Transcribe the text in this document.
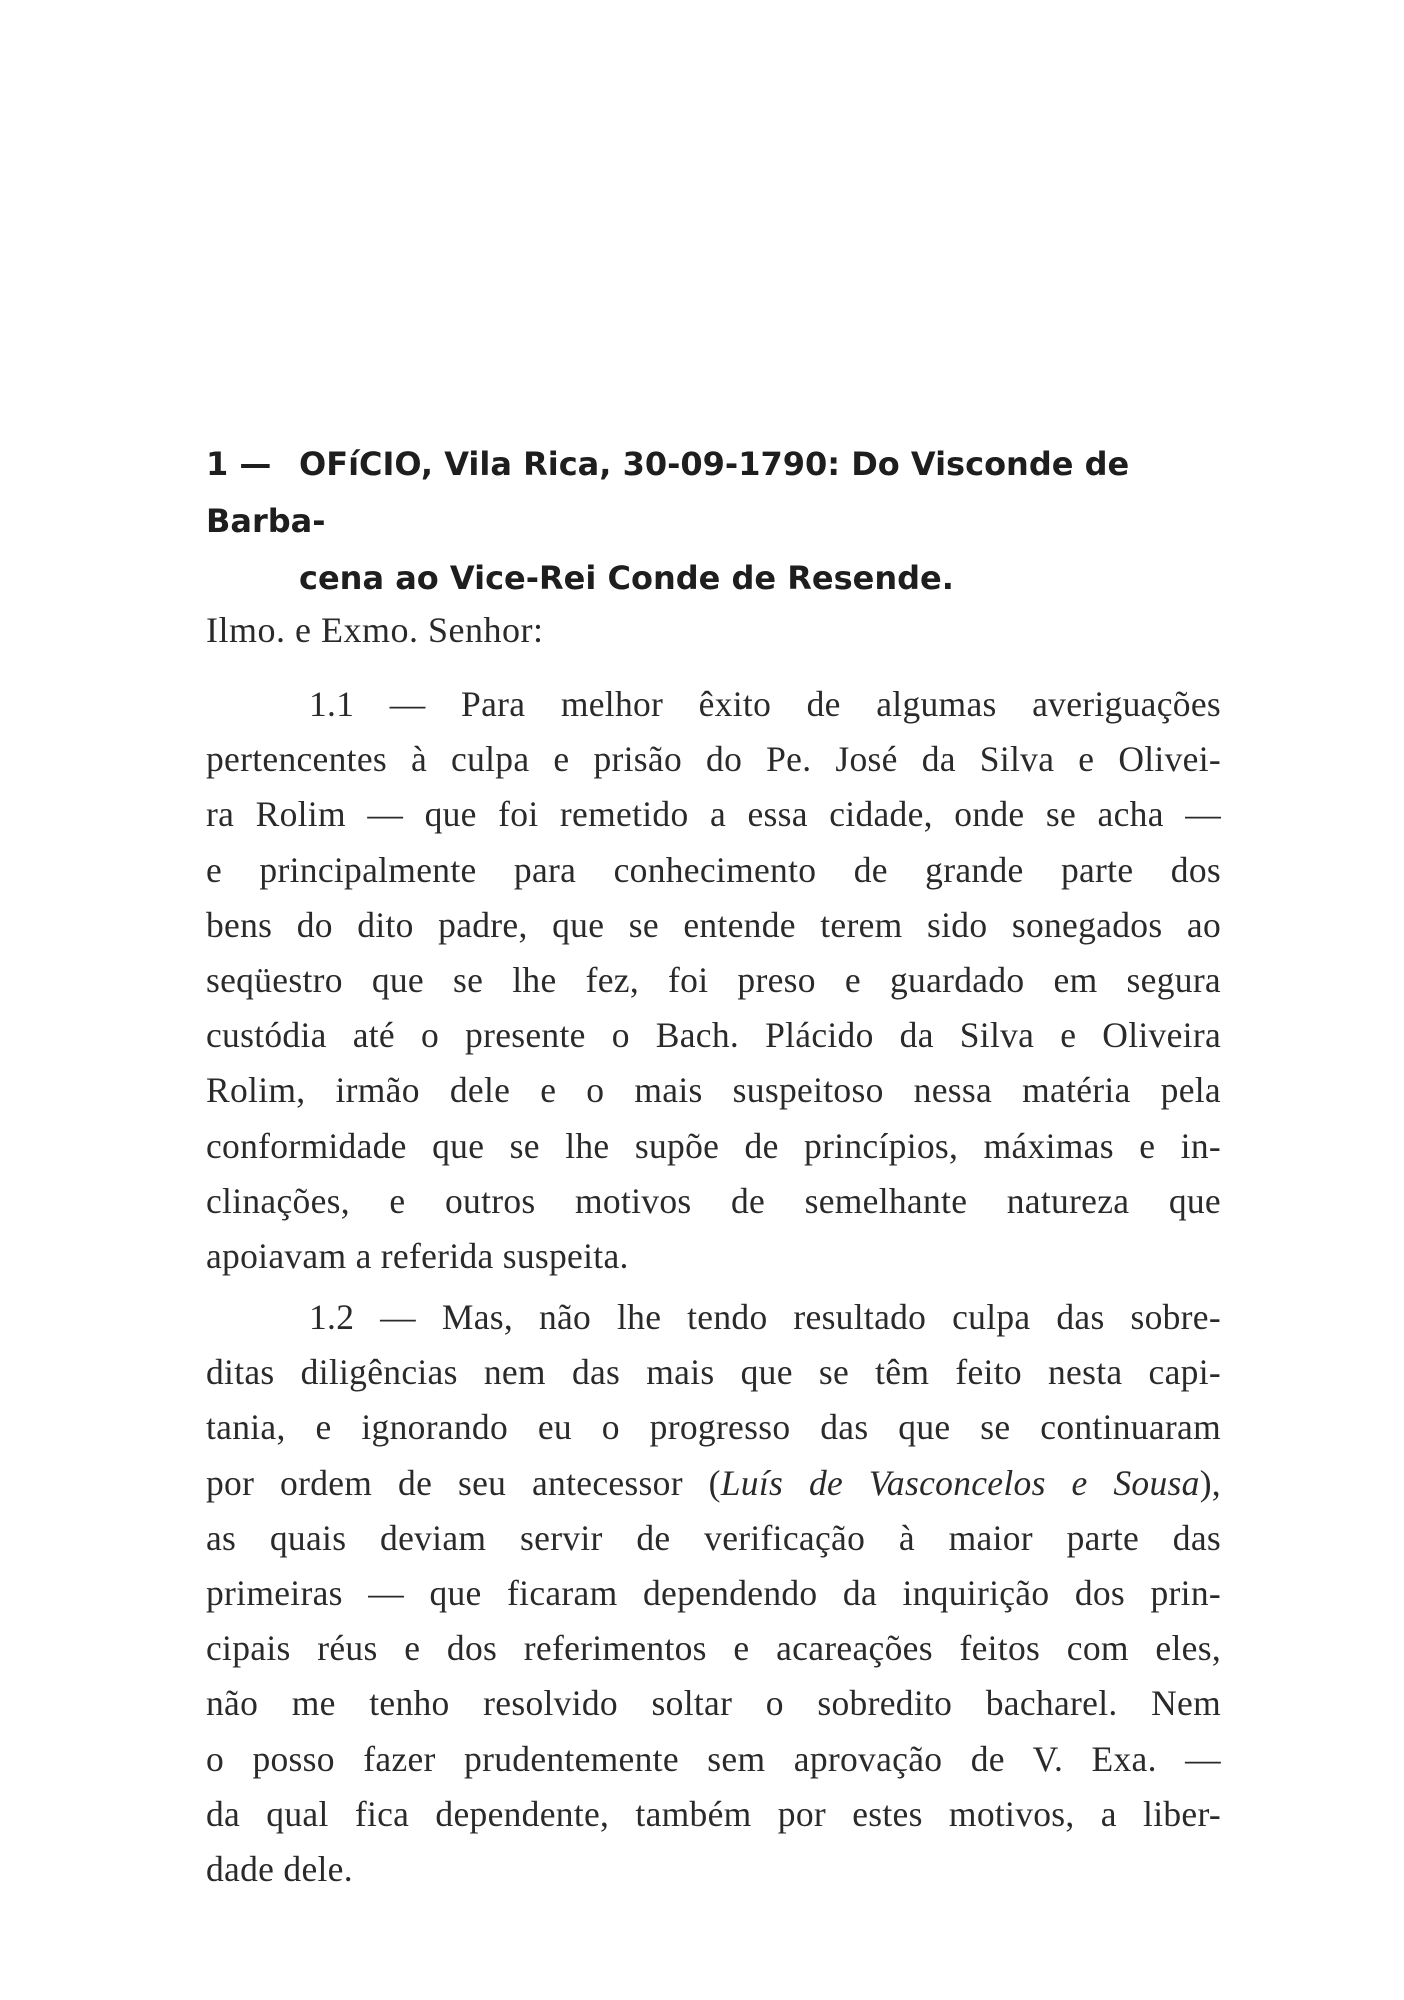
1 — OFíCIO, Vila Rica, 30-09-1790: Do Visconde de Barba-
cena ao Vice-Rei Conde de Resende.
Ilmo. e Exmo. Senhor:
1.1 — Para melhor êxito de algumas averiguações
pertencentes à culpa e prisão do Pe. José da Silva e Olivei-
ra Rolim — que foi remetido a essa cidade, onde se acha —
e principalmente para conhecimento de grande parte dos
bens do dito padre, que se entende terem sido sonegados ao
seqüestro que se lhe fez, foi preso e guardado em segura
custódia até o presente o Bach. Plácido da Silva e Oliveira
Rolim, irmão dele e o mais suspeitoso nessa matéria pela
conformidade que se lhe supõe de princípios, máximas e in-
clinações, e outros motivos de semelhante natureza que
apoiavam a referida suspeita.
1.2 — Mas, não lhe tendo resultado culpa das sobre-
ditas diligências nem das mais que se têm feito nesta capi-
tania, e ignorando eu o progresso das que se continuaram
por ordem de seu antecessor (Luís de Vasconcelos e Sousa),
as quais deviam servir de verificação à maior parte das
primeiras — que ficaram dependendo da inquirição dos prin-
cipais réus e dos referimentos e acareações feitos com eles,
não me tenho resolvido soltar o sobredito bacharel. Nem
o posso fazer prudentemente sem aprovação de V. Exa. —
da qual fica dependente, também por estes motivos, a liber-
dade dele.
